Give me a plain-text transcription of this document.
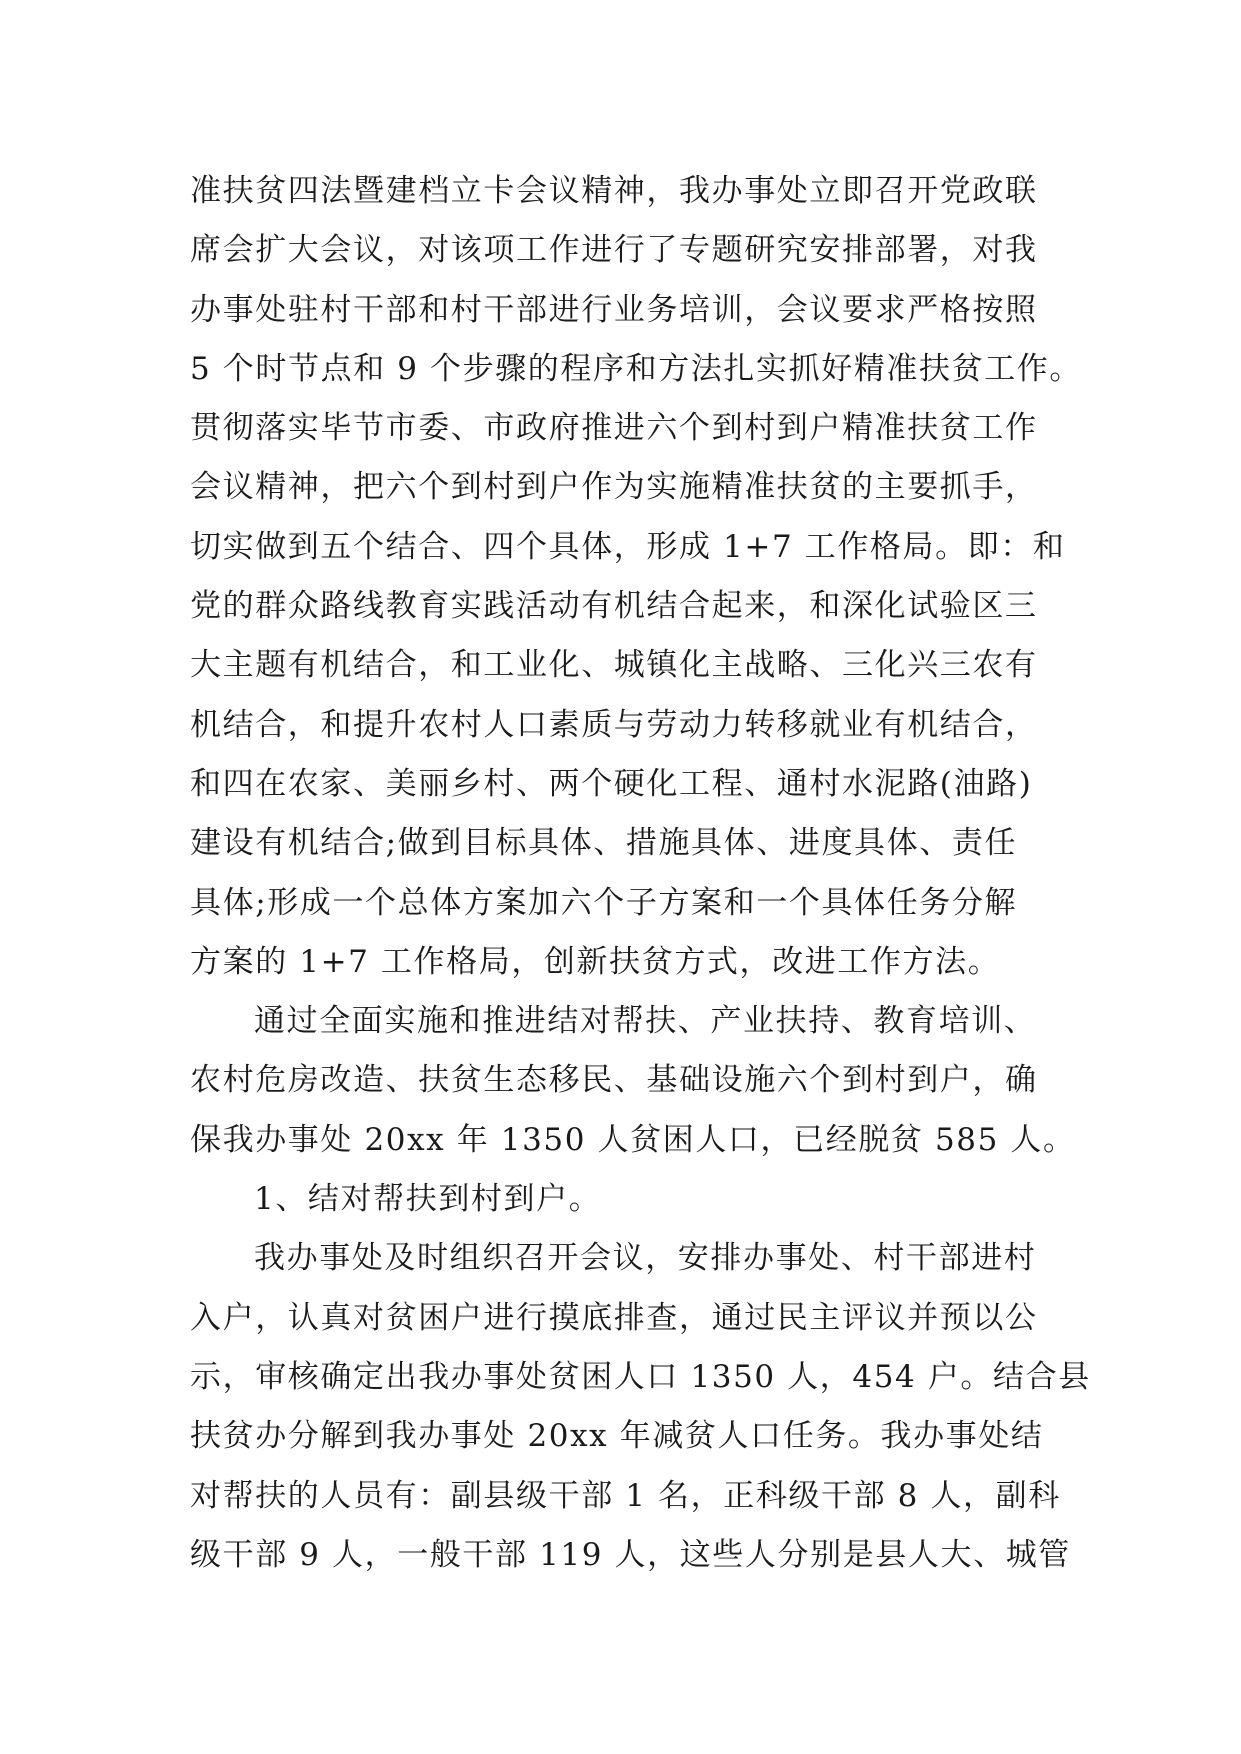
准扶贫四法暨建档立卡会议精神，我办事处立即召开党政联
席会扩大会议，对该项工作进行了专题研究安排部署，对我
办事处驻村干部和村干部进行业务培训，会议要求严格按照
5 个时节点和 9 个步骤的程序和方法扎实抓好精准扶贫工作。
贯彻落实毕节市委、市政府推进六个到村到户精准扶贫工作
会议精神，把六个到村到户作为实施精准扶贫的主要抓手，
切实做到五个结合、四个具体，形成 1+7 工作格局。即：和
党的群众路线教育实践活动有机结合起来，和深化试验区三
大主题有机结合，和工业化、城镇化主战略、三化兴三农有
机结合，和提升农村人口素质与劳动力转移就业有机结合，
和四在农家、美丽乡村、两个硬化工程、通村水泥路(油路)
建设有机结合;做到目标具体、措施具体、进度具体、责任
具体;形成一个总体方案加六个子方案和一个具体任务分解
方案的 1+7 工作格局，创新扶贫方式，改进工作方法。
通过全面实施和推进结对帮扶、产业扶持、教育培训、
农村危房改造、扶贫生态移民、基础设施六个到村到户，确
保我办事处 20xx 年 1350 人贫困人口，已经脱贫 585 人。
1、结对帮扶到村到户。
我办事处及时组织召开会议，安排办事处、村干部进村
入户，认真对贫困户进行摸底排查，通过民主评议并预以公
示，审核确定出我办事处贫困人口 1350 人，454 户。结合县
扶贫办分解到我办事处 20xx 年减贫人口任务。我办事处结
对帮扶的人员有：副县级干部 1 名，正科级干部 8 人，副科
级干部 9 人，一般干部 119 人，这些人分别是县人大、城管
